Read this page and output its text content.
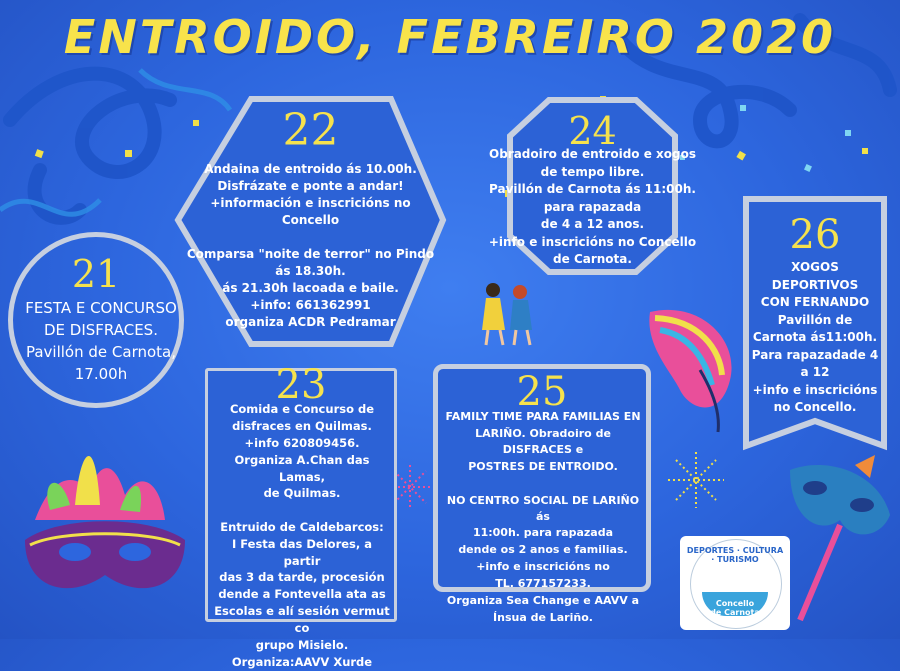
ENTROIDO, FEBREIRO 2020
21
FESTA E CONCURSO
DE DISFRACES.
Pavillón de Carnota,
17.00h
22
Andaina de entroido ás 10.00h.
Disfrázate e ponte a andar!
+información e inscricións no
Concello
Comparsa "noite de terror" no Pindo
ás 18.30h.
ás 21.30h lacoada e baile.
+info: 661362991
organiza ACDR Pedramar
24
Obradoiro de entroido e xogos
de tempo libre.
Pavillón de Carnota ás 11:00h.
para rapazada
de 4 a 12 anos.
+info e inscricións no Concello
de Carnota.
23
Comida e Concurso de
disfraces en Quilmas.
+info 620809456.
Organiza A.Chan das Lamas,
de Quilmas.
Entruido de Caldebarcos:
I Festa das Delores, a partir
das 3 da tarde, procesión
dende a Fontevella ata as
Escolas e alí sesión vermut co
grupo Misielo.
Organiza:AAVV Xurde
25
FAMILY TIME PARA FAMILIAS EN
LARIÑO. Obradoiro de DISFRACES e
POSTRES DE ENTROIDO.
NO CENTRO SOCIAL DE LARIÑO ás
11:00h. para rapazada
dende os 2 anos e familias.
+info e inscricións no
TL. 677157233.
Organiza Sea Change e AAVV a
Ínsua de Lariño.
26
XOGOS
DEPORTIVOS
CON FERNANDO
Pavillón de
Carnota ás11:00h.
Para rapazadade 4
a 12
+info e inscricións
no Concello.
DEPORTES · CULTURA · TURISMO
Concello
de Carnota
